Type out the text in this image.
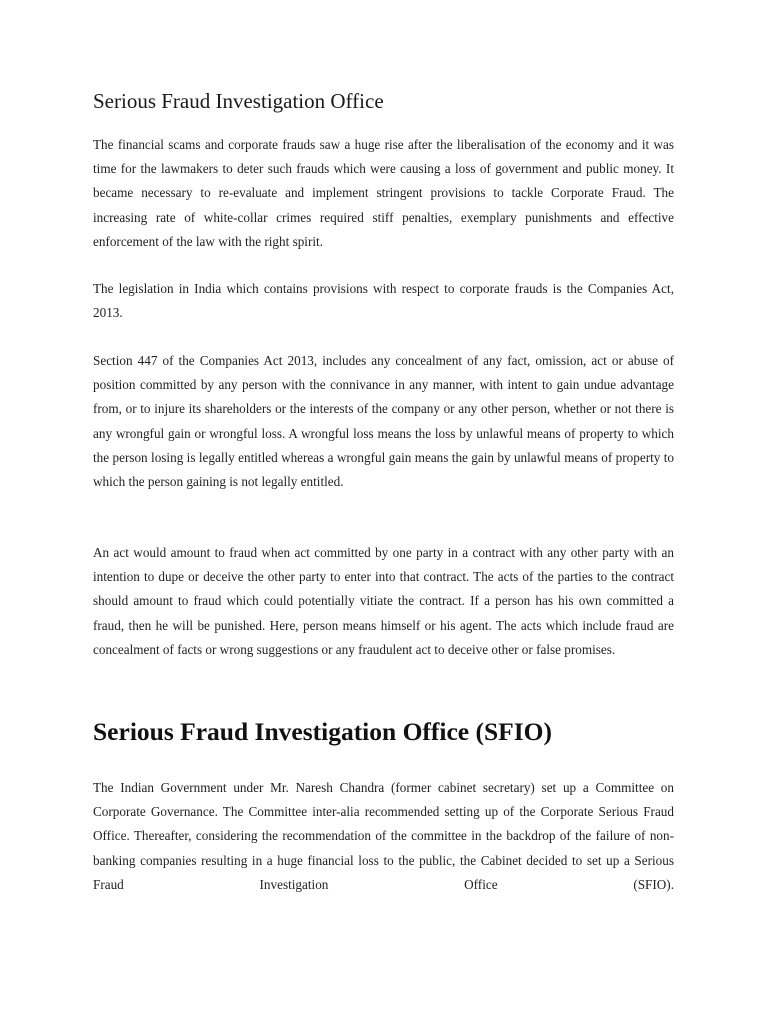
Serious Fraud Investigation Office

The financial scams and corporate frauds saw a huge rise after the liberalisation of the economy and it was time for the lawmakers to deter such frauds which were causing a loss of government and public money. It became necessary to re-evaluate and implement stringent provisions to tackle Corporate Fraud. The increasing rate of white-collar crimes required stiff penalties, exemplary punishments and effective enforcement of the law with the right spirit.

The legislation in India which contains provisions with respect to corporate frauds is the Companies Act, 2013.

Section 447 of the Companies Act 2013, includes any concealment of any fact, omission, act or abuse of position committed by any person with the connivance in any manner, with intent to gain undue advantage from, or to injure its shareholders or the interests of the company or any other person, whether or not there is any wrongful gain or wrongful loss. A wrongful loss means the loss by unlawful means of property to which the person losing is legally entitled whereas a wrongful gain means the gain by unlawful means of property to which the person gaining is not legally entitled.

An act would amount to fraud when act committed by one party in a contract with any other party with an intention to dupe or deceive the other party to enter into that contract. The acts of the parties to the contract should amount to fraud which could potentially vitiate the contract. If a person has his own committed a fraud, then he will be punished. Here, person means himself or his agent. The acts which include fraud are concealment of facts or wrong suggestions or any fraudulent act to deceive other or false promises.

Serious Fraud Investigation Office (SFIO)

The Indian Government under Mr. Naresh Chandra (former cabinet secretary) set up a Committee on Corporate Governance. The Committee inter-alia recommended setting up of the Corporate Serious Fraud Office. Thereafter, considering the recommendation of the committee in the backdrop of the failure of non-banking companies resulting in a huge financial loss to the public, the Cabinet decided to set up a Serious Fraud Investigation Office (SFIO).
